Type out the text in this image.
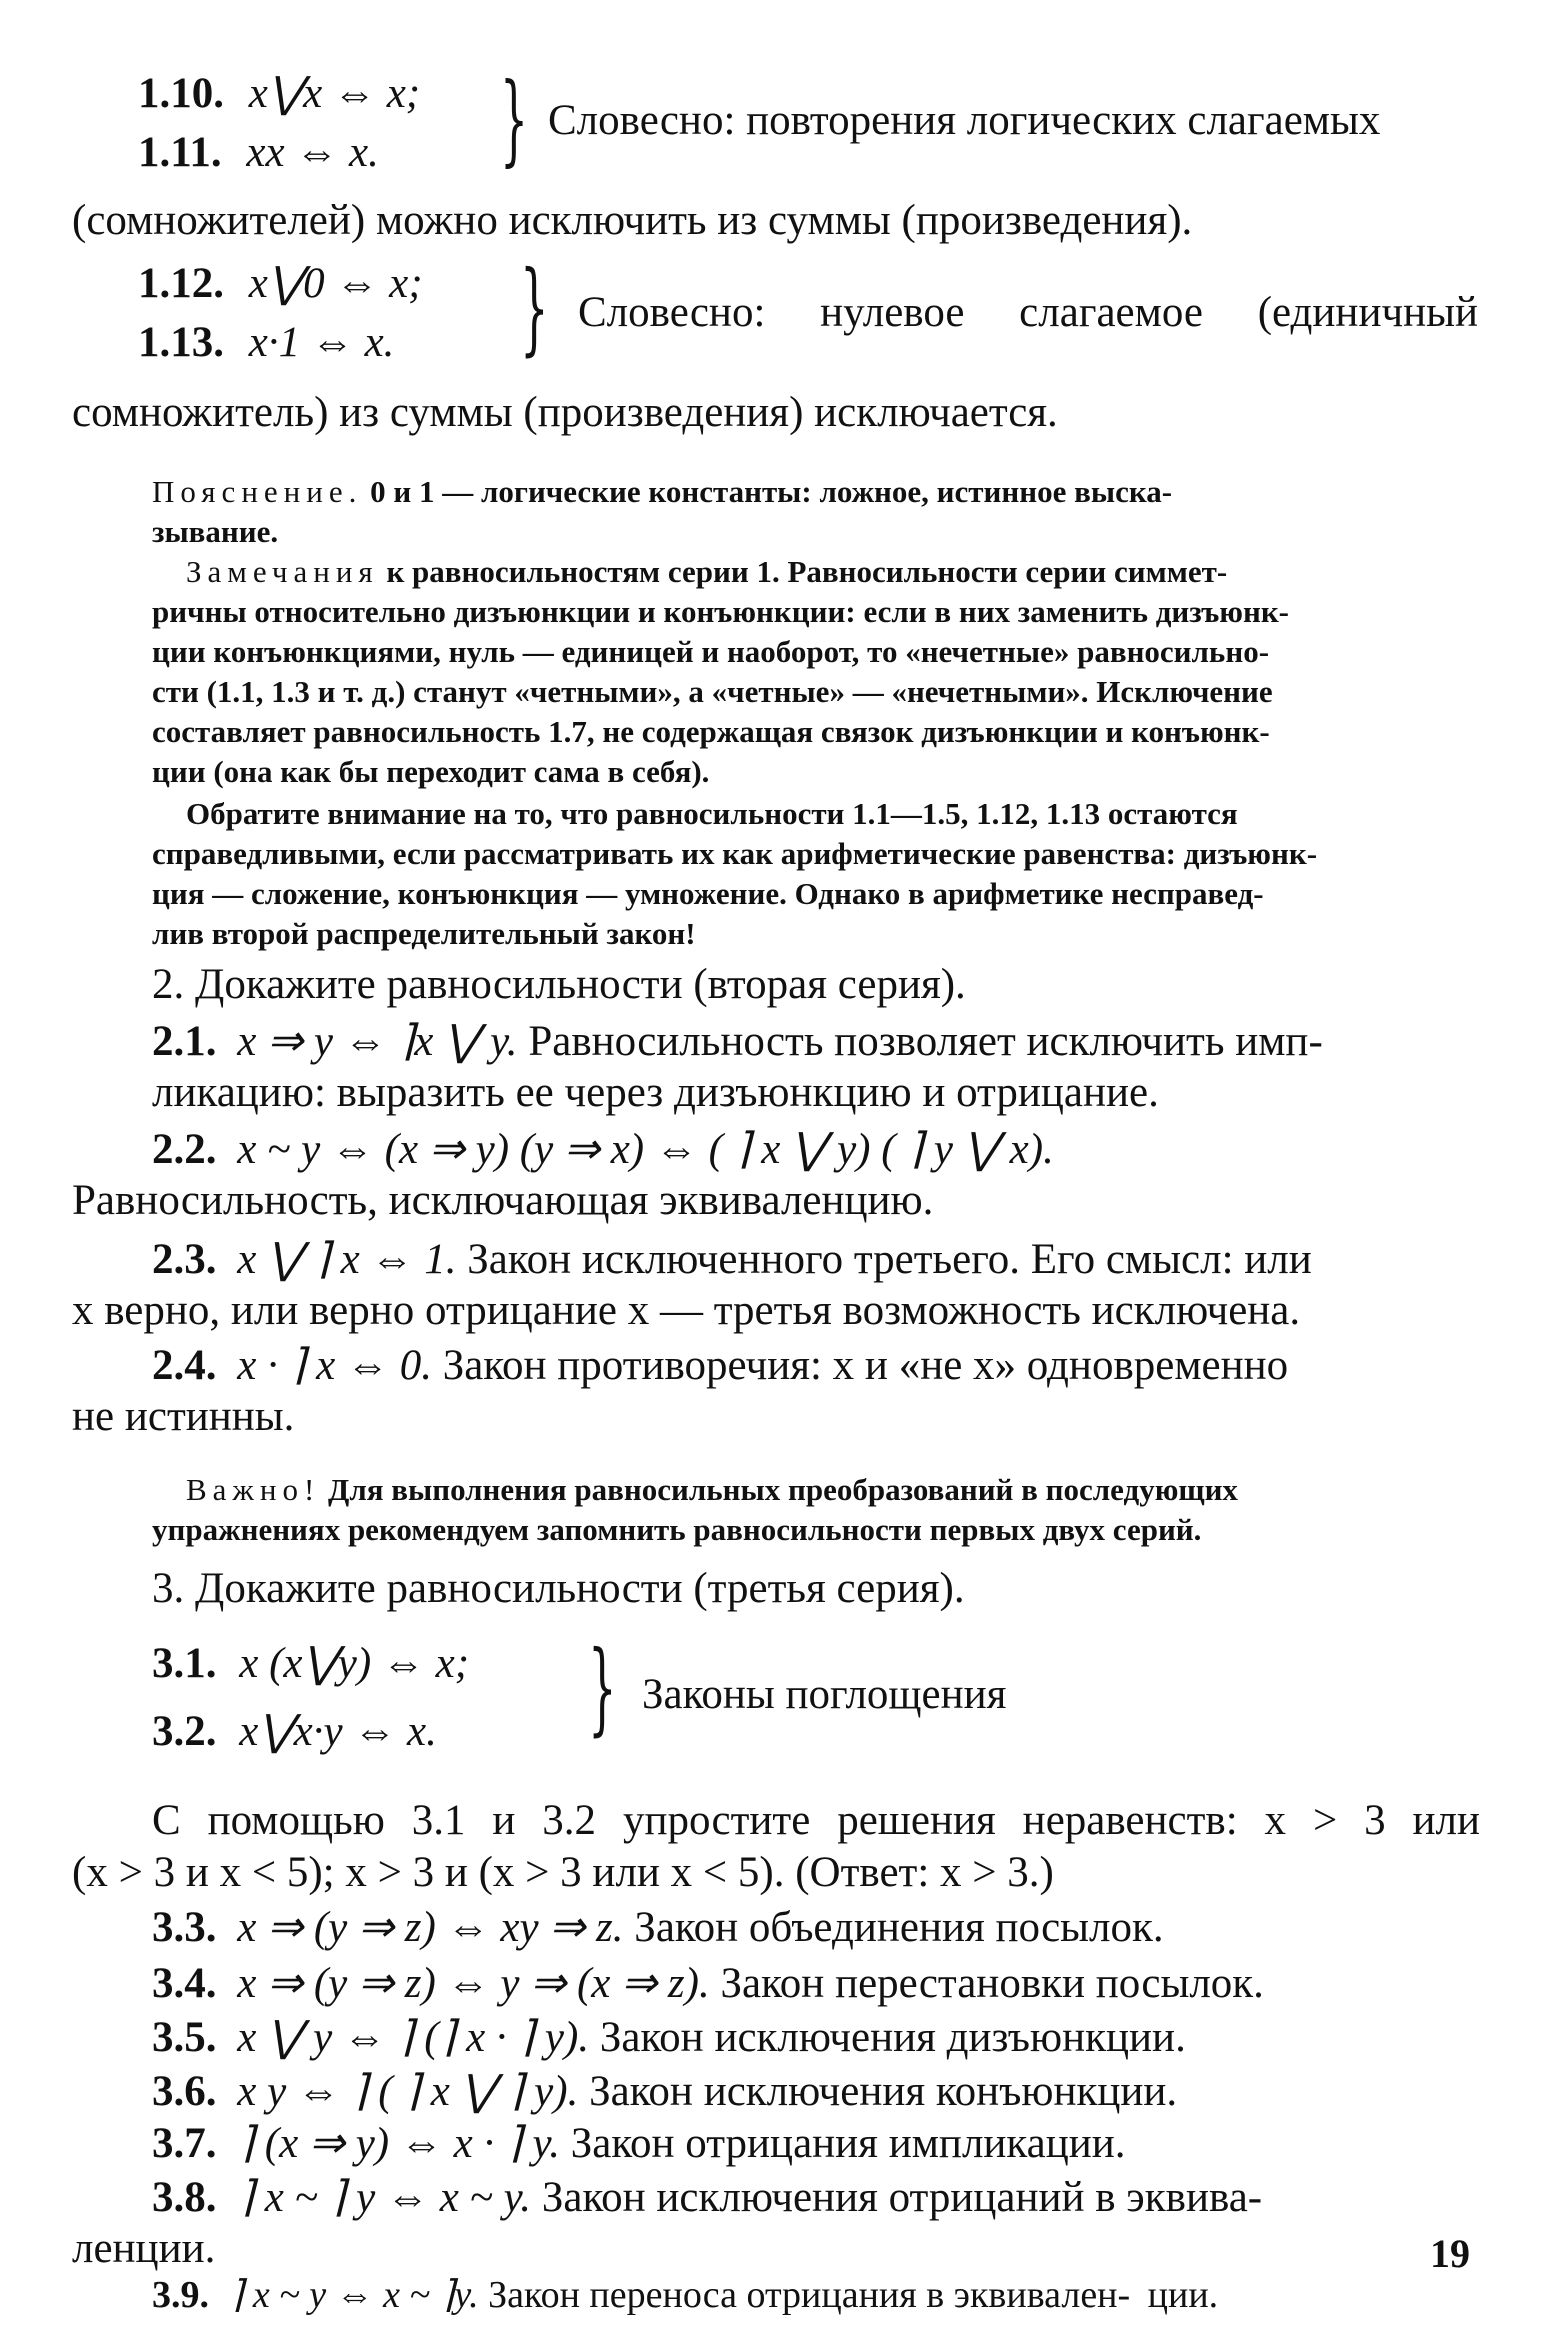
1.10. x⋁x ⇔ x;
1.11. xx ⇔ x. } Словесно: повторения логических слагаемых
(сомножителей) можно исключить из суммы (произведения).
1.12. x⋁0 ⇔ x;
1.13. x·1 ⇔ x. } Словесно: нулевое слагаемое (единичный
сомножитель) из суммы (произведения) исключается.
Пояснение. 0 и 1 — логические константы: ложное, истинное выска-
зывание.
Замечания к равносильностям серии 1. Равносильности серии симмет-
ричны относительно дизъюнкции и конъюнкции: если в них заменить дизъюнк-
ции конъюнкциями, нуль — единицей и наоборот, то «нечетные» равносильно-
сти (1.1, 1.3 и т. д.) станут «четными», а «четные» — «нечетными». Исключение
составляет равносильность 1.7, не содержащая связок дизъюнкции и конъюнк-
ции (она как бы переходит сама в себя).
Обратите внимание на то, что равносильности 1.1—1.5, 1.12, 1.13 остаются
справедливыми, если рассматривать их как арифметические равенства: дизъюнк-
ция — сложение, конъюнкция — умножение. Однако в арифметике несправед-
лив второй распределительный закон!
2. Докажите равносильности (вторая серия).
2.1. x ⇒ y ⇔ ⌉x ⋁ y. Равносильность позволяет исключить имп-
ликацию: выразить ее через дизъюнкцию и отрицание.
2.2. x ~ y ⇔ (x ⇒ y) (y ⇒ x) ⇔ ( ⌉ x ⋁ y) ( ⌉ y ⋁ x).
Равносильность, исключающая эквиваленцию.
2.3. x ⋁ ⌉ x ⇔ 1. Закон исключенного третьего. Его смысл: или
x верно, или верно отрицание x — третья возможность исключена.
2.4. x · ⌉ x ⇔ 0. Закон противоречия: x и «не x» одновременно
не истинны.
Важно! Для выполнения равносильных преобразований в последующих
упражнениях рекомендуем запомнить равносильности первых двух серий.
3. Докажите равносильности (третья серия).
3.1. x (x⋁y) ⇔ x;
3.2. x⋁x·y ⇔ x. } Законы поглощения
С помощью 3.1 и 3.2 упростите решения неравенств: x > 3 или
(x > 3 и x < 5); x > 3 и (x > 3 или x < 5). (Ответ: x > 3.)
3.3. x ⇒ (y ⇒ z) ⇔ xy ⇒ z. Закон объединения посылок.
3.4. x ⇒ (y ⇒ z) ⇔ y ⇒ (x ⇒ z). Закон перестановки посылок.
3.5. x ⋁ y ⇔ ⌉ (⌉ x · ⌉ y). Закон исключения дизъюнкции.
3.6. x y ⇔ ⌉ ( ⌉ x ⋁ ⌉ y). Закон исключения конъюнкции.
3.7. ⌉ (x ⇒ y) ⇔ x · ⌉ y. Закон отрицания импликации.
3.8. ⌉ x ~ ⌉ y ⇔ x ~ y. Закон исключения отрицаний в эквива-
ленции.
3.9. ⌉ x ~ y ⇔ x ~ ⌉y. Закон переноса отрицания в эквивален- ции.
19
